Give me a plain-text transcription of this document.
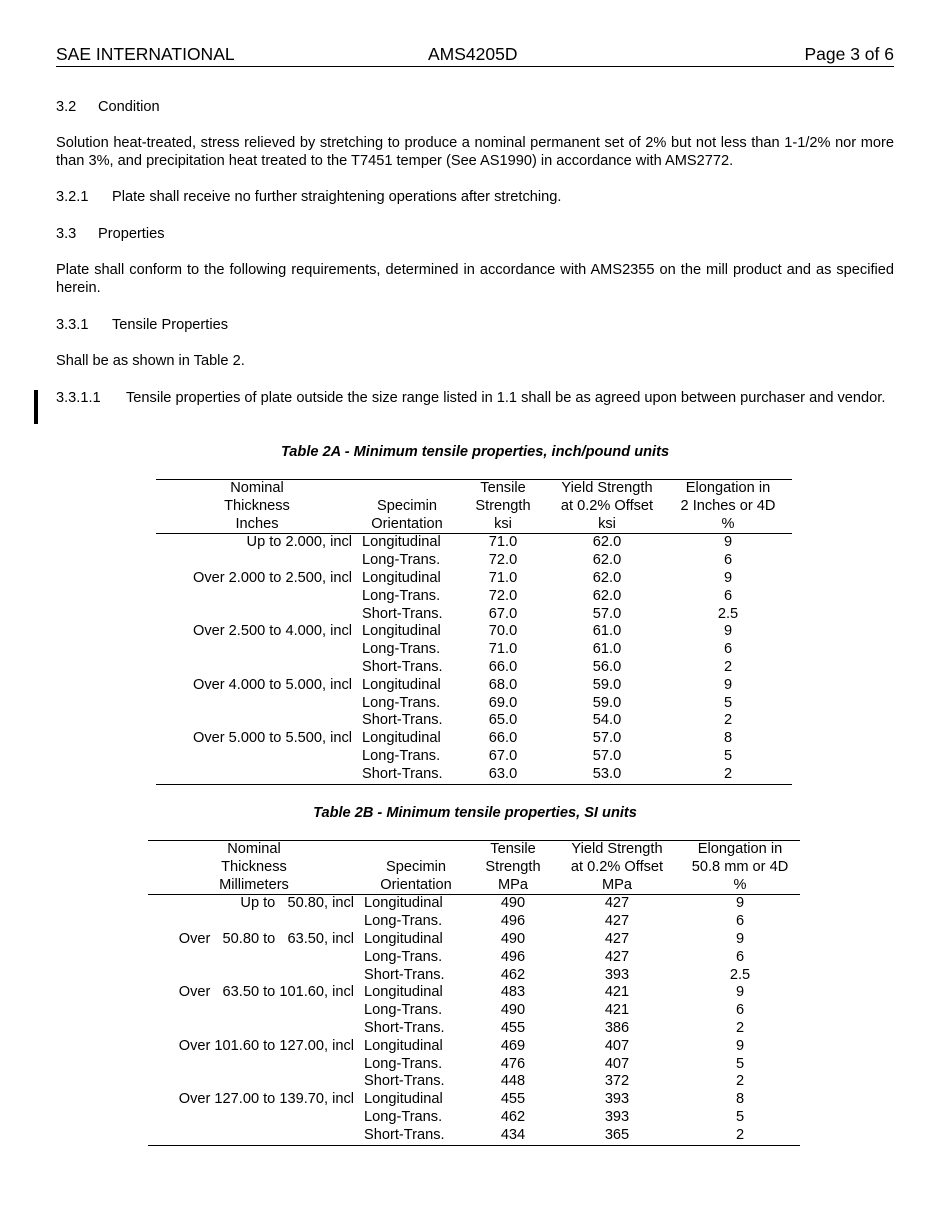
SAE INTERNATIONAL	AMS4205D	Page 3 of 6
3.2 Condition
Solution heat-treated, stress relieved by stretching to produce a nominal permanent set of 2% but not less than 1-1/2% nor more than 3%, and precipitation heat treated to the T7451 temper (See AS1990) in accordance with AMS2772.
3.2.1 Plate shall receive no further straightening operations after stretching.
3.3 Properties
Plate shall conform to the following requirements, determined in accordance with AMS2355 on the mill product and as specified herein.
3.3.1 Tensile Properties
Shall be as shown in Table 2.
3.3.1.1 Tensile properties of plate outside the size range listed in 1.1 shall be as agreed upon between purchaser and vendor.
Table 2A - Minimum tensile properties, inch/pound units
Nominal		Tensile	Yield Strength	Elongation in
Thickness	Specimin	Strength	at 0.2% Offset	2 Inches or 4D
Inches	Orientation	ksi	ksi	%
Up to 2.000, incl	Longitudinal	71.0	62.0	9
	Long-Trans.	72.0	62.0	6
Over 2.000 to 2.500, incl	Longitudinal	71.0	62.0	9
	Long-Trans.	72.0	62.0	6
	Short-Trans.	67.0	57.0	2.5
Over 2.500 to 4.000, incl	Longitudinal	70.0	61.0	9
	Long-Trans.	71.0	61.0	6
	Short-Trans.	66.0	56.0	2
Over 4.000 to 5.000, incl	Longitudinal	68.0	59.0	9
	Long-Trans.	69.0	59.0	5
	Short-Trans.	65.0	54.0	2
Over 5.000 to 5.500, incl	Longitudinal	66.0	57.0	8
	Long-Trans.	67.0	57.0	5
	Short-Trans.	63.0	53.0	2
Table 2B - Minimum tensile properties, SI units
Nominal		Tensile	Yield Strength	Elongation in
Thickness	Specimin	Strength	at 0.2% Offset	50.8 mm or 4D
Millimeters	Orientation	MPa	MPa	%
Up to   50.80, incl	Longitudinal	490	427	9
	Long-Trans.	496	427	6
Over   50.80 to   63.50, incl	Longitudinal	490	427	9
	Long-Trans.	496	427	6
	Short-Trans.	462	393	2.5
Over   63.50 to 101.60, incl	Longitudinal	483	421	9
	Long-Trans.	490	421	6
	Short-Trans.	455	386	2
Over 101.60 to 127.00, incl	Longitudinal	469	407	9
	Long-Trans.	476	407	5
	Short-Trans.	448	372	2
Over 127.00 to 139.70, incl	Longitudinal	455	393	8
	Long-Trans.	462	393	5
	Short-Trans.	434	365	2
